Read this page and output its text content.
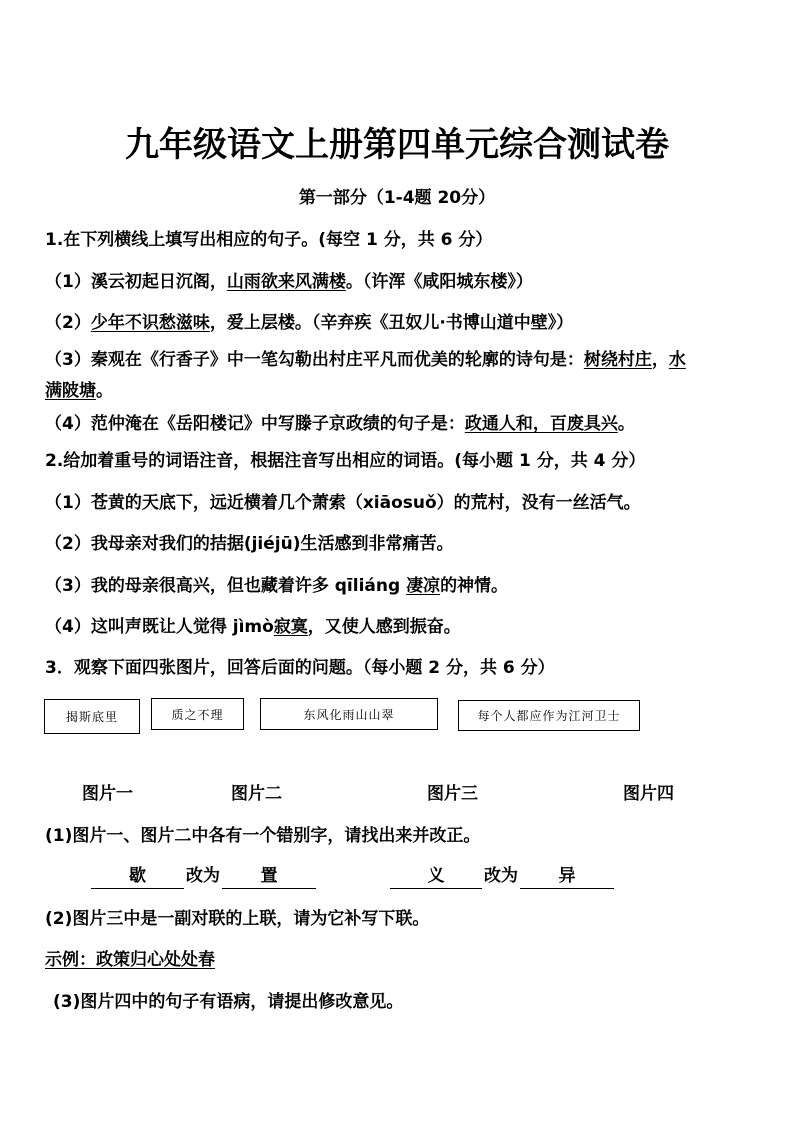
九年级语文上册第四单元综合测试卷
第一部分（1-4题 20分）
1.在下列横线上填写出相应的句子。(每空 1 分，共 6 分）
（1）溪云初起日沉阁，山雨欲来风满楼。（许浑《咸阳城东楼》）
（2）少年不识愁滋味，爱上层楼。（辛弃疾《丑奴儿·书博山道中壁》）
（3）秦观在《行香子》中一笔勾勒出村庄平凡而优美的轮廓的诗句是：树绕村庄，水
满陂塘。
（4）范仲淹在《岳阳楼记》中写滕子京政绩的句子是：政通人和，百废具兴。
2.给加着重号的词语注音，根据注音写出相应的词语。(每小题 1 分，共 4 分）
（1）苍黄的天底下，远近横着几个萧索（xiāosuǒ）的荒村，没有一丝活气。
（2）我母亲对我们的拮据(jiéjū)生活感到非常痛苦。
（3）我的母亲很高兴，但也藏着许多 qīliáng 凄凉的神情。
（4）这叫声既让人觉得 jìmò寂寞，又使人感到振奋。
3．观察下面四张图片，回答后面的问题。（每小题 2 分，共 6 分）
揭斯底里	质之不理	东风化雨山山翠	每个人都应作为江河卫士
图片一	图片二	图片三	图片四
(1)图片一、图片二中各有一个错别字，请找出来并改正。
歇	改为	置	义	改为	异
(2)图片三中是一副对联的上联，请为它补写下联。
示例：政策归心处处春
(3)图片四中的句子有语病，请提出修改意见。
